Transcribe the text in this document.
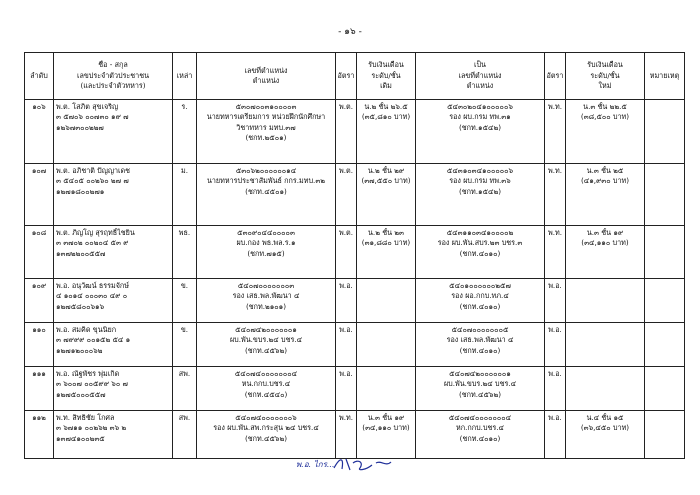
- ๑๖ -
ลำดับ	ชื่อ - สกุล
เลขประจำตัวประชาชน
(และประจำตัวทหาร)	เหล่า	เลขที่ตำแหน่ง
ตำแหน่ง	อัตรา	รับเงินเดือน
ระดับ/ชั้น
เดิม	เป็น
เลขที่ตำแหน่ง
ตำแหน่ง	อัตรา	รับเงินเดือน
ระดับ/ชั้น
ใหม่	หมายเหตุ
๑๐๖	พ.ต. โสภิต สุขเจริญ
๓ ๕๗๐๖ ๐๐๗๓๐ ๑๙ ๗
๑๒๖๗๓๐๐๒๒๗	ร.	๕๓๐๗๐๐๓๑๐๐๐๐๓
นายทหารเตรียมการ หน่วยฝึกนักศึกษา
วิชาทหาร มทบ.๓๗
(ชกท.๒๕๐๑)	พ.ต.	น.๒ ชั้น ๒๖.๕
(๓๕,๘๑๐ บาท)	๕๔๓๐๒๐๔๑๐๐๐๐๐๖
รอง ผบ.กรม ทพ.๓๑
(ชกท.๑๕๔๒)	พ.ท.	น.๓ ชั้น ๒๒.๕
(๓๘,๕๐๐ บาท)	

๑๐๗	พ.ต. อภิชาติ ปัญญาเดช
๓ ๕๔๐๕ ๐๐๒๖๐ ๒๗ ๗
๑๒๗๑๘๐๐๒๗๑	ม.	๕๓๐๖๒๐๐๐๐๐๐๑๔
นายทหารประชาสัมพันธ์ กกร.มทบ.๓๒
(ชกท.๔๕๐๑)	พ.ต.	น.๒ ชั้น ๒๙
(๓๗,๕๕๐ บาท)	๕๔๓๑๐๓๔๑๐๐๐๐๐๖
รอง ผบ.กรม ทพ.๓๖
(ชกท.๑๕๔๒)	พ.ท.	น.๓ ชั้น ๒๕
(๔๑,๙๓๐ บาท)	

๑๐๘	พ.ต. ภิญโญ สุรฤทธิ์ไชยิน
๓ ๓๗๐๒ ๐๐๒๐๔ ๕๓ ๙
๑๓๗๒๒๐๐๕๕๗	พธ.	๕๓๐๙๐๔๔๐๐๐๐๓
ผบ.กอง พธ.พล.ร.๑
(ชกท.๗๑๕)	พ.ต.	น.๒ ชั้น ๒๓
(๓๑,๘๘๐ บาท)	๕๔๓๑๑๐๓๔๑๐๐๐๐๒
รอง ผบ.พัน.สบร.๒๓ บชร.๓
(ชกท.๔๐๑๐)	พ.ท.	น.๓ ชั้น ๑๙
(๓๔,๑๑๐ บาท)	

๑๐๙	พ.อ. อนุวัฒน์ ธรรมจักษ์
๔ ๑๐๑๔ ๐๐๐๓๐ ๔๙ ๐
๑๒๗๕๘๐๐๖๑๖	ข.	๕๔๐๗๐๐๐๐๐๐๐๓
รอง เสธ.พล.พัฒนา ๔
(ชกท.๒๑๐๑)	พ.อ.		๕๔๐๑๐๐๐๐๐๐๒๕๗
รอง ผอ.กกบ.ทภ.๔
(ชกท.๔๐๑๐)	พ.อ.		
๑๑๐	พ.อ. สมคิด ขุนนิยก
๓ ๗๙๙๙ ๐๐๑๕๒ ๕๔ ๑
๑๒๗๑๒๐๐๐๖๒	ข.	๕๔๐๗๔๒๐๐๐๐๐๐๑
ผบ.พัน.ขบร.๒๔ บชร.๔
(ชกท.๔๕๖๒)	พ.อ.		๕๔๐๗๐๐๐๐๐๐๐๕
รอง เสธ.พล.พัฒนา ๔
(ชกท.๔๐๑๐)	พ.อ.		
๑๑๑	พ.อ. ณัฐพัชร พุ่มเกิด
๓ ๖๐๐๗ ๐๐๕๙๙ ๖๐ ๗
๑๒๗๕๐๐๐๕๕๗	สพ.	๕๔๐๗๔๐๐๐๐๐๐๐๔
หน.กกบ.บชร.๔
(ชกท.๔๕๔๐)	พ.อ.		๕๔๐๗๔๒๐๐๐๐๐๐๑
ผบ.พัน.ขบร.๒๔ บชร.๔
(ชกท.๔๕๖๒)	พ.อ.		
๑๑๒	พ.ท. สิทธิชัย โกศล
๓ ๖๗๑๑ ๐๐๒๖๒ ๓๖ ๒
๑๓๗๔๑๐๐๒๓๕	สพ.	๕๔๐๗๔๐๐๐๐๐๐๐๖
รอง ผบ.พัน.สพ.กระสุน ๒๔ บชร.๔
(ชกท.๔๕๖๒)	พ.ท.	น.๓ ชั้น ๑๙
(๓๔,๑๑๐ บาท)	๕๔๐๗๔๐๐๐๐๐๐๐๔
หก.กกบ.บชร.๔
(ชกท.๔๐๑๐)	พ.อ.	น.๔ ชั้น ๑๕
(๓๖,๔๕๐ บาท)	

พ.อ. ไกร...
